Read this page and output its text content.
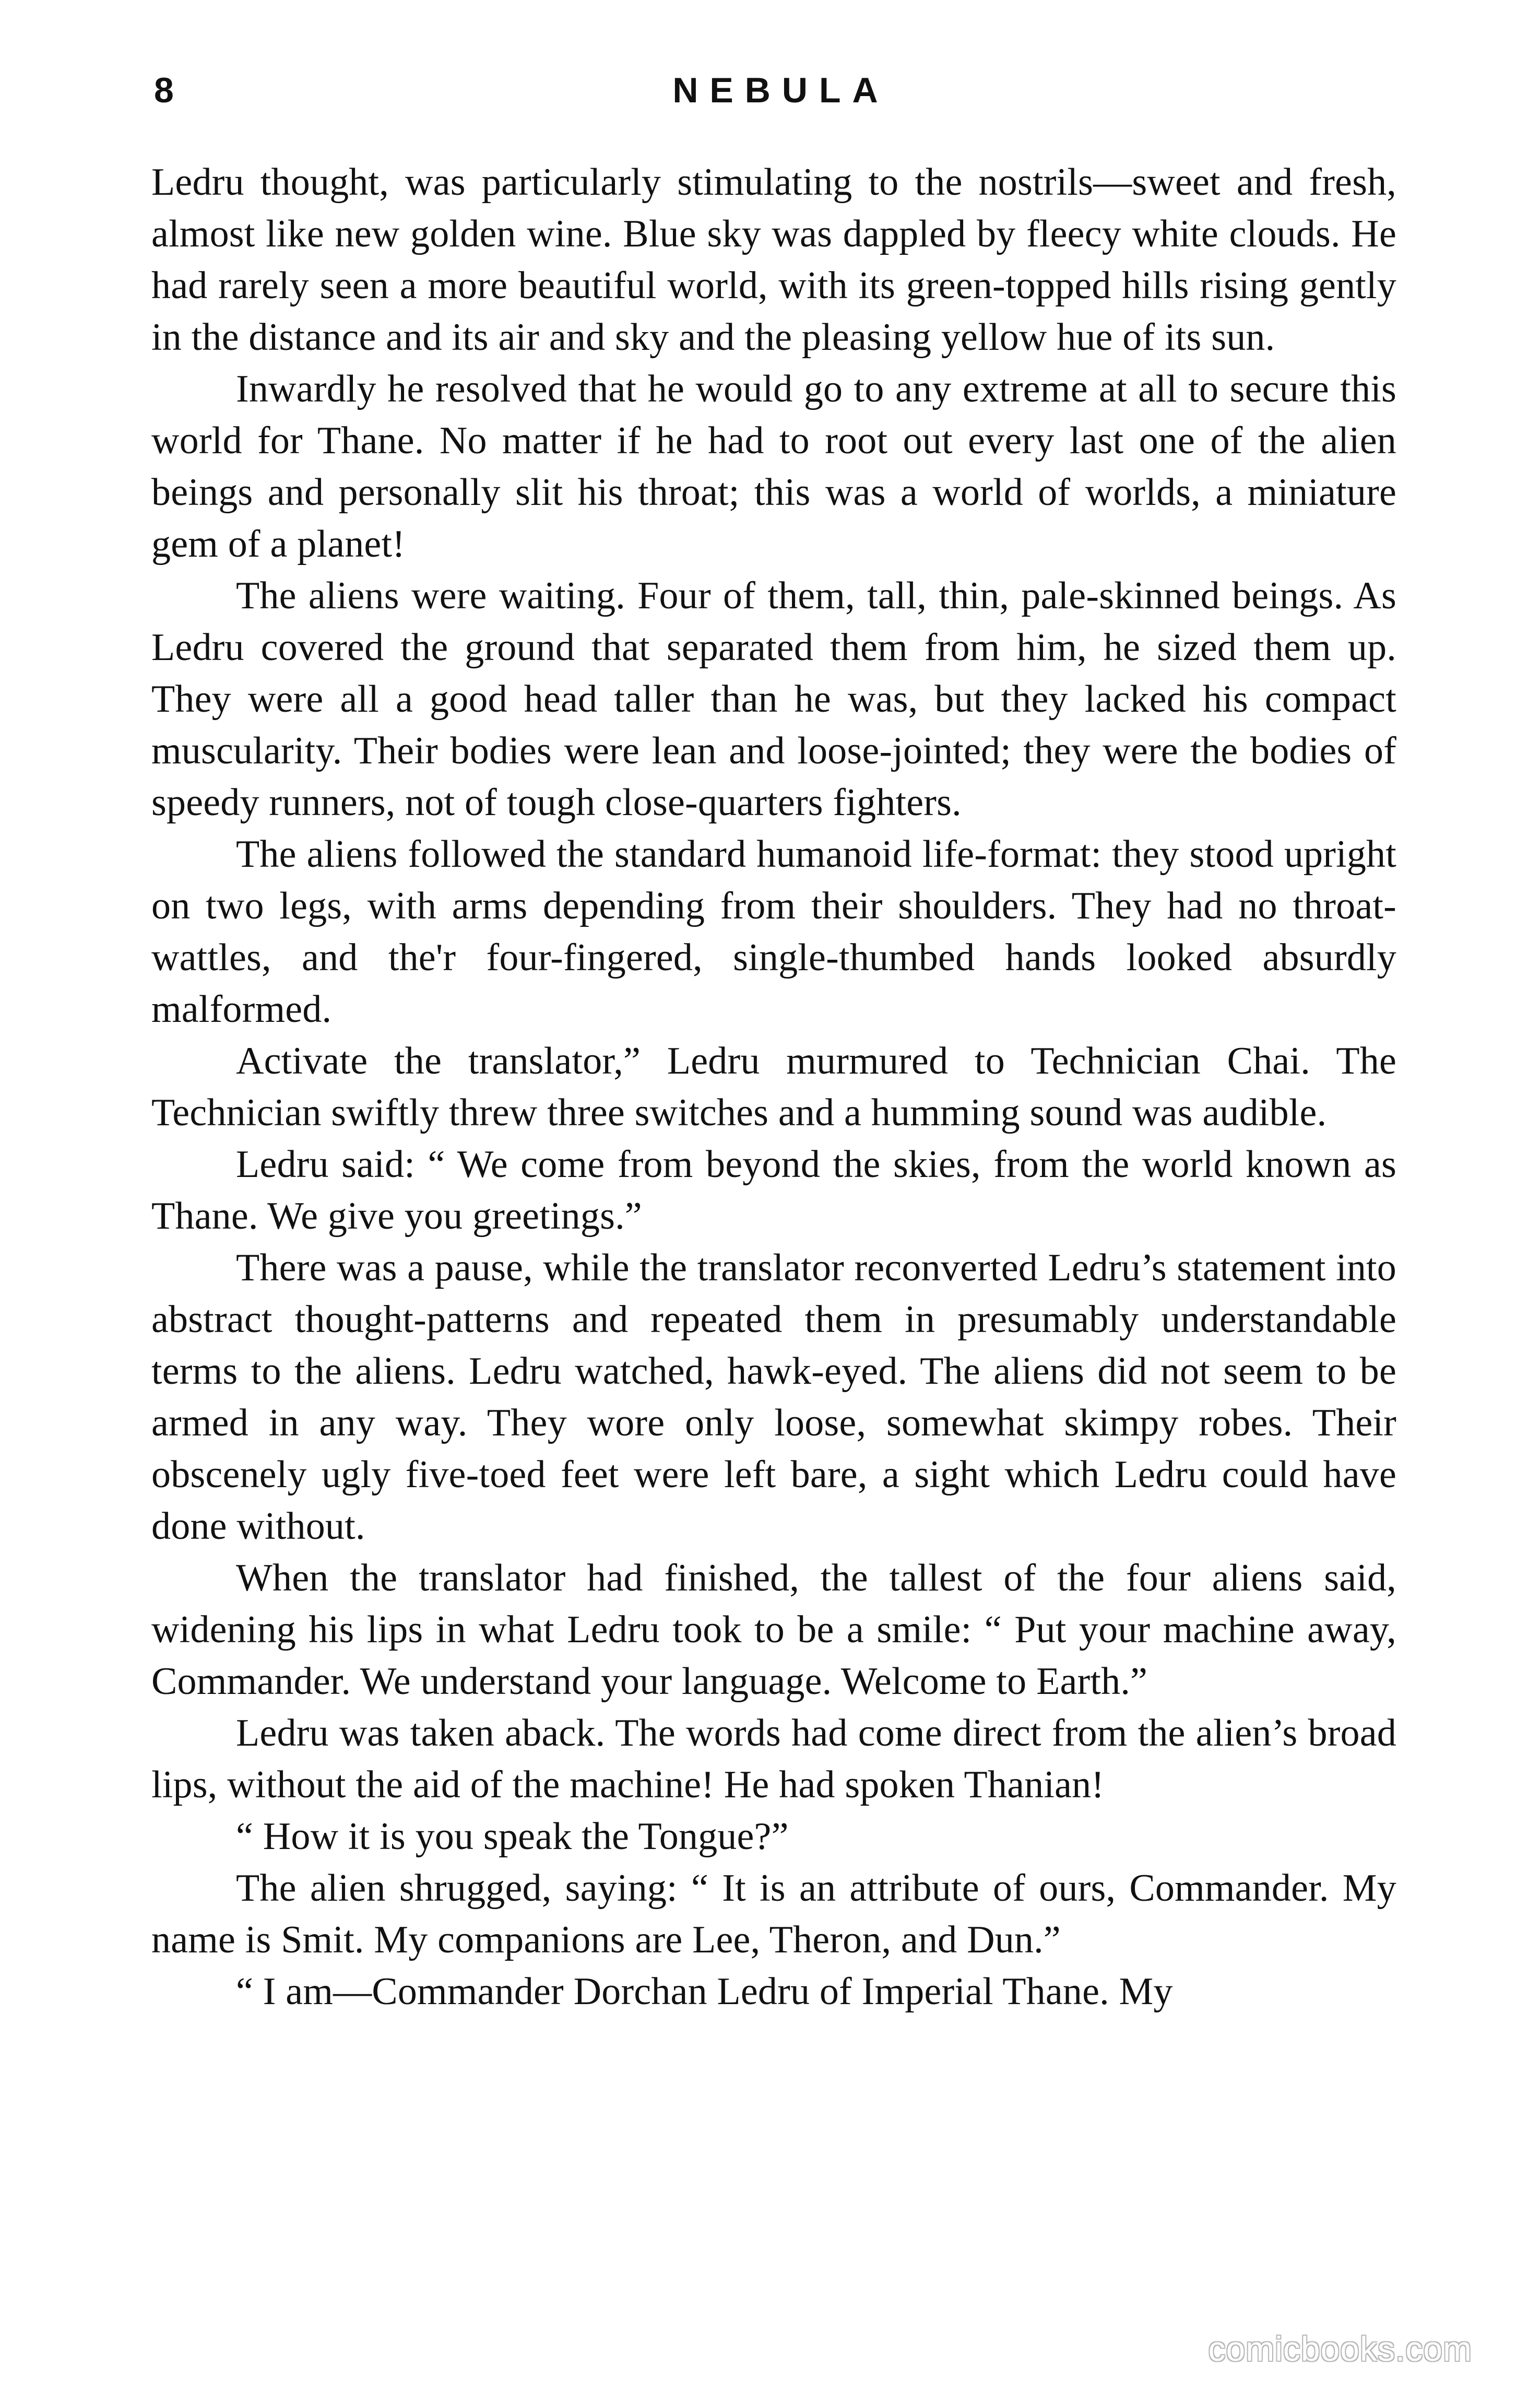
8	NEBULA

Ledru thought, was particularly stimulating to the nostrils—sweet and fresh, almost like new golden wine. Blue sky was dappled by fleecy white clouds. He had rarely seen a more beautiful world, with its green-topped hills rising gently in the distance and its air and sky and the pleasing yellow hue of its sun.

Inwardly he resolved that he would go to any extreme at all to secure this world for Thane. No matter if he had to root out every last one of the alien beings and personally slit his throat; this was a world of worlds, a miniature gem of a planet!

The aliens were waiting. Four of them, tall, thin, pale-skinned beings. As Ledru covered the ground that separated them from him, he sized them up. They were all a good head taller than he was, but they lacked his compact muscularity. Their bodies were lean and loose-jointed; they were the bodies of speedy runners, not of tough close-quarters fighters.

The aliens followed the standard humanoid life-format: they stood upright on two legs, with arms depending from their shoulders. They had no throat-wattles, and the'r four-fingered, single-thumbed hands looked absurdly malformed.

Activate the translator,” Ledru murmured to Technician Chai. The Technician swiftly threw three switches and a humming sound was audible.

Ledru said: “ We come from beyond the skies, from the world known as Thane. We give you greetings.”

There was a pause, while the translator reconverted Ledru’s statement into abstract thought-patterns and repeated them in presumably understandable terms to the aliens. Ledru watched, hawk-eyed. The aliens did not seem to be armed in any way. They wore only loose, somewhat skimpy robes. Their obscenely ugly five-toed feet were left bare, a sight which Ledru could have done without.

When the translator had finished, the tallest of the four aliens said, widening his lips in what Ledru took to be a smile: “ Put your machine away, Commander. We understand your language. Welcome to Earth.”

Ledru was taken aback. The words had come direct from the alien’s broad lips, without the aid of the machine! He had spoken Thanian!

“ How it is you speak the Tongue?”

The alien shrugged, saying: “ It is an attribute of ours, Commander. My name is Smit. My companions are Lee, Theron, and Dun.”

“ I am—Commander Dorchan Ledru of Imperial Thane. My

comicbooks.com
